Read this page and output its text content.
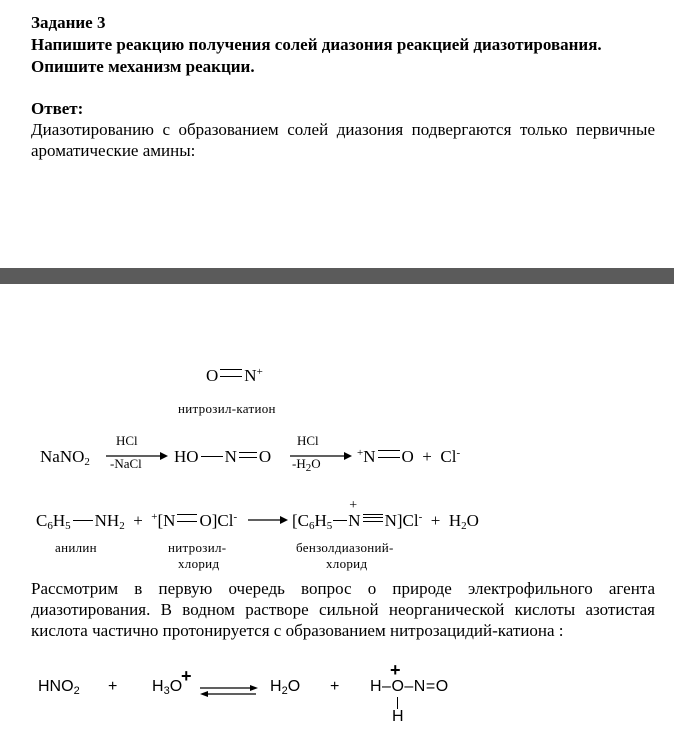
Задание 3
Напишите реакцию получения солей диазония реакцией диазотирования.
Опишите механизм реакции.
Ответ:
Диазотированию с образованием солей диазония подвергаются только первичные ароматические амины:
O N+
нитрозил-катион
NaNO$_2$
HCl
-NaCl HO N O
HCl
$-H_2O$
+N O + Cl-
$C_6H_5$ $NH_2 + ^+[N$ O]Cl-	[$C_6H_5$
+
N $N]Cl^- + H_2O$
анилин	нитрозил-
хлорид
бензолдиазоний-
хлорид
Рассмотрим в первую очередь вопрос о природе электрофильного агента диазотирования. В водном растворе сильной неорганической кислоты азотистая кислота частично протонируется с образованием нитрозацидий-катиона :
$HNO_2 + H_3O$
+
$H_2O + H-O-N=O$
+
H
